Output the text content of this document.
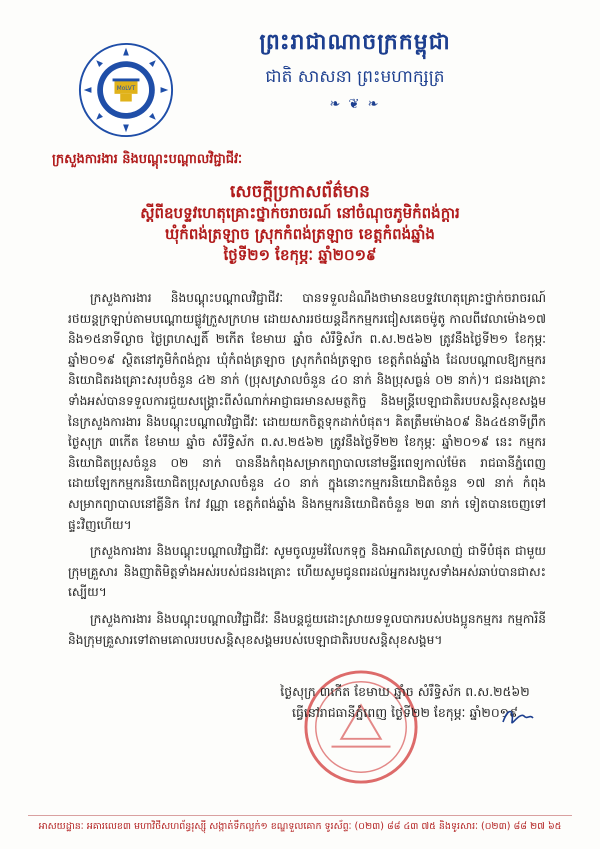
MoLVT
ព្រះរាជាណាចក្រកម្ពុជា
ជាតិ សាសនា ព្រះមហាក្សត្រ
❧ ❦ ❧
ក្រសួងការងារ និងបណ្តុះបណ្តាលវិជ្ជាជីវៈ
សេចក្តីប្រកាសព័ត៌មាន
ស្តីពីឧបទ្ទវហេតុគ្រោះថ្នាក់ចរាចរណ៍ នៅចំណុចភូមិកំពង់ក្តារ
ឃុំកំពង់ត្រឡាច ស្រុកកំពង់ត្រឡាច ខេត្តកំពង់ឆ្នាំង
ថ្ងៃទី២១ ខែកុម្ភៈ ឆ្នាំ២០១៩

ក្រសួងការងារ និងបណ្តុះបណ្តាលវិជ្ជាជីវៈ បានទទួលដំណឹងថាមានឧបទ្ទវហេតុគ្រោះថ្នាក់ចរាចរណ៍ រថយន្តក្រឡាប់តាមបណ្តោយផ្លូវក្រួសក្រហម ដោយសាររថយន្តដឹកកម្មករជៀសគេចម៉ូតូ កាលពីវេលាម៉ោង១៧ និង១៥នាទីល្ងាច ថ្ងៃព្រហស្បតិ៍ ២កើត ខែមាឃ ឆ្នាំច សំរឹទ្ធិស័ក ព.ស.២៥៦២ ត្រូវនឹងថ្ងៃទី២១ ខែកុម្ភៈ ឆ្នាំ២០១៩ ស្ថិតនៅភូមិកំពង់ក្តារ ឃុំកំពង់ត្រឡាច ស្រុកកំពង់ត្រឡាច ខេត្តកំពង់ឆ្នាំង ដែលបណ្តាលឱ្យកម្មករនិយោជិតរងគ្រោះសរុបចំនួន ៤២ នាក់ (ប្រុសស្រាលចំនួន ៤០ នាក់ និងប្រុសធ្ងន់ ០២ នាក់)។ ជនរងគ្រោះទាំងអស់បានទទួលការជួយសង្គ្រោះពីសំណាក់អាជ្ញាធរមានសមត្ថកិច្ច និងមន្ត្រីបេឡាជាតិរបបសន្តិសុខសង្គម នៃក្រសួងការងារ និងបណ្តុះបណ្តាលវិជ្ជាជីវៈ ដោយយកចិត្តទុកដាក់បំផុត។ គិតត្រឹមម៉ោង០៩ និង៤៥នាទីព្រឹក ថ្ងៃសុក្រ ៣កើត ខែមាឃ ឆ្នាំច សំរឹទ្ធិស័ក ព.ស.២៥៦២ ត្រូវនឹងថ្ងៃទី២២ ខែកុម្ភៈ ឆ្នាំ២០១៩ នេះ កម្មករនិយោជិតប្រុសចំនួន ០២ នាក់ បាននឹងកំពុងសម្រាកព្យាបាលនៅមន្ទីរពេទ្យកាល់ម៉ែត រាជធានីភ្នំពេញ ដោយឡែកកម្មករនិយោជិតប្រុសស្រាលចំនួន ៤០ នាក់ ក្នុងនោះកម្មករនិយោជិតចំនួន ១៧ នាក់ កំពុងសម្រាកព្យាបាលនៅគ្លីនិក កែវ វណ្ណា ខេត្តកំពង់ឆ្នាំង និងកម្មករនិយោជិតចំនួន ២៣ នាក់ ទៀតបានចេញទៅផ្ទះវិញហើយ។

ក្រសួងការងារ និងបណ្តុះបណ្តាលវិជ្ជាជីវៈ សូមចូលរួមរំលែកទុក្ខ និងអាណិតស្រលាញ់ ជាទីបំផុត ជាមួយក្រុមគ្រួសារ និងញាតិមិត្តទាំងអស់របស់ជនរងគ្រោះ ហើយសូមជូនពរដល់អ្នករងរបួសទាំងអស់ឆាប់បានជាសះស្បើយ។

ក្រសួងការងារ និងបណ្តុះបណ្តាលវិជ្ជាជីវៈ នឹងបន្តជួយដោះស្រាយទទួលបាករបស់បងប្អូនកម្មករ កម្មការិនី និងក្រុមគ្រួសារទៅតាមគោលរបបសន្តិសុខសង្គមរបស់បេឡាជាតិរបបសន្តិសុខសង្គម។

ថ្ងៃសុក្រ ៣កើត ខែមាឃ ឆ្នាំច សំរឹទ្ធិស័ក ព.ស.២៥៦២
ធ្វើនៅរាជធានីភ្នំពេញ ថ្ងៃទី២២ ខែកុម្ភៈ ឆ្នាំ២០១៩
អាសយដ្ឋានៈ អគារលេខ៣ មហាវិថីសហព័ន្ធរុស្ស៊ី សង្កាត់ទឹកល្អក់១ ខណ្ឌទួលគោក ទូរស័ព្ទៈ (០២៣) ៨៨ ៤៣ ៧៥ និងទូរសារៈ (០២៣) ៨៨ ២៧ ៦៥
